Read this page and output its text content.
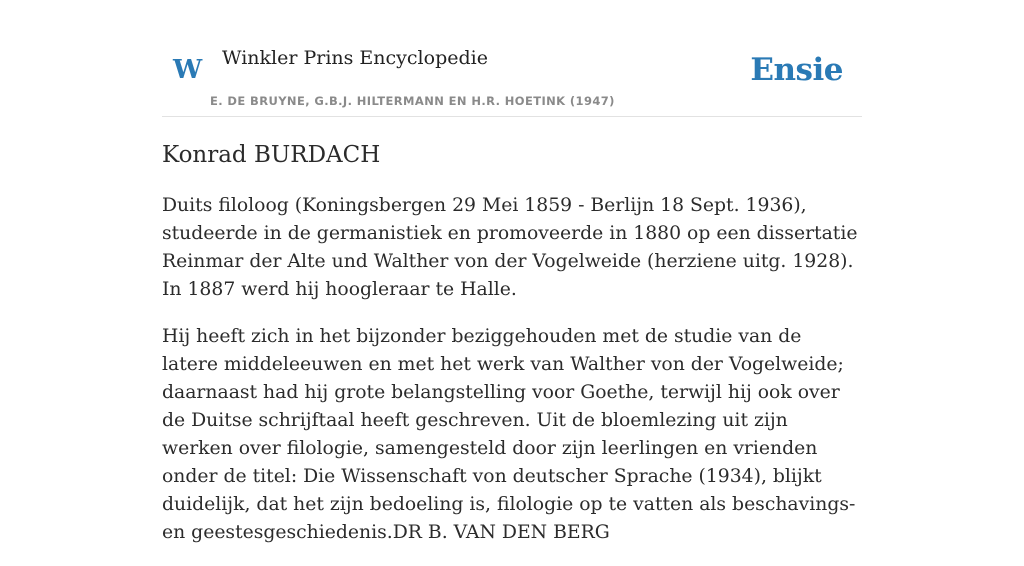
W Winkler Prins Encyclopedie
E. DE BRUYNE, G.B.J. HILTERMANN EN H.R. HOETINK (1947)
Ensie
Konrad BURDACH

Duits filoloog (Koningsbergen 29 Mei 1859 - Berlijn 18 Sept. 1936), studeerde in de germanistiek en promoveerde in 1880 op een dissertatie Reinmar der Alte und Walther von der Vogelweide (herziene uitg. 1928). In 1887 werd hij hoogleraar te Halle.

Hij heeft zich in het bijzonder beziggehouden met de studie van de latere middeleeuwen en met het werk van Walther von der Vogelweide; daarnaast had hij grote belangstelling voor Goethe, terwijl hij ook over de Duitse schrijftaal heeft geschreven. Uit de bloemlezing uit zijn werken over filologie, samengesteld door zijn leerlingen en vrienden onder de titel: Die Wissenschaft von deutscher Sprache (1934), blijkt duidelijk, dat het zijn bedoeling is, filologie op te vatten als beschavings- en geestesgeschiedenis.DR B. VAN DEN BERG
